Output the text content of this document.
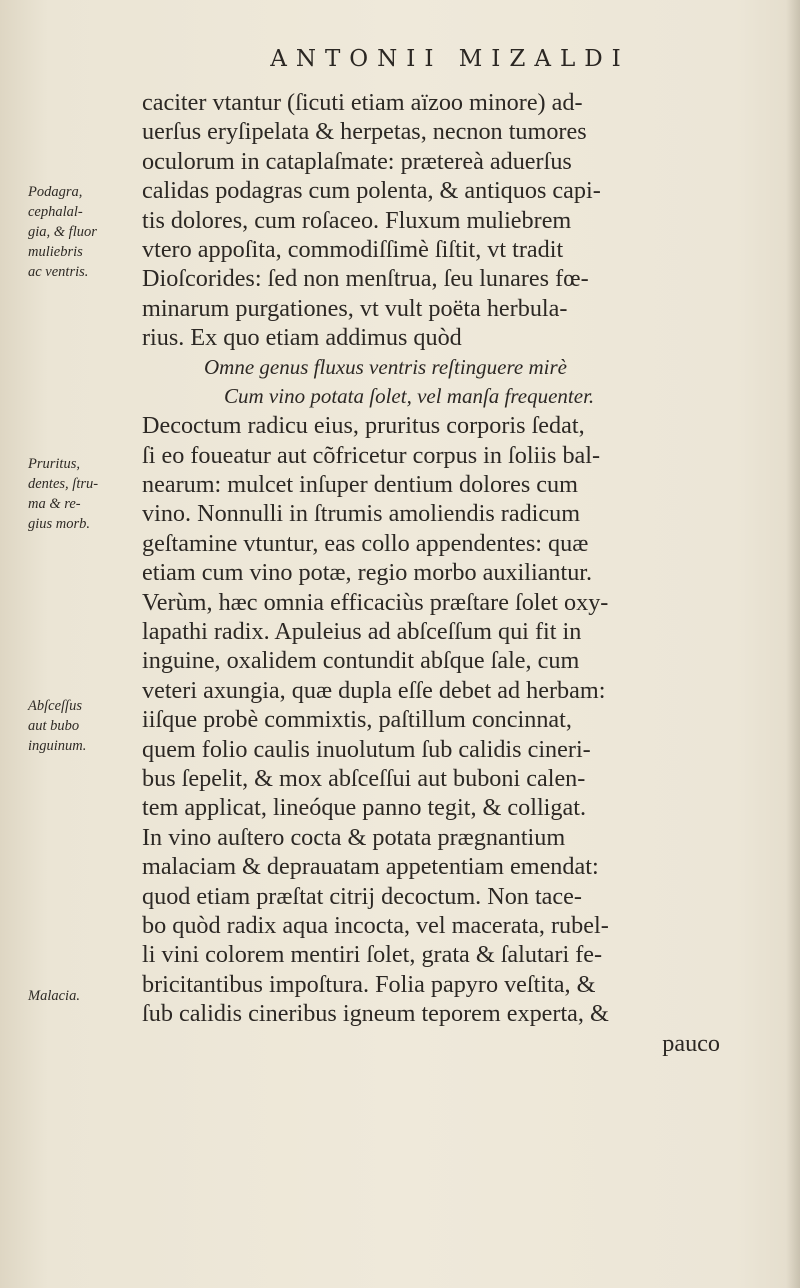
ANTONII MIZALDI
caciter vtantur (ſicuti etiam aïzoo minore) ad-
uerſus eryſipelata & herpetas, necnon tumores
oculorum in cataplaſmate: prætereà aduerſus
calidas podagras cum polenta, & antiquos capi-
tis dolores, cum roſaceo. Fluxum muliebrem
vtero appoſita, commodiſſimè ſiſtit, vt tradit
Dioſcorides: ſed non menſtrua, ſeu lunares fœ-
minarum purgationes, vt vult poëta herbula-
rius. Ex quo etiam addimus quòd
Omne genus fluxus ventris reſtinguere mirè
Cum vino potata ſolet, vel manſa frequenter.
Decoctum radicu eius, pruritus corporis ſedat,
ſi eo foueatur aut cõfricetur corpus in ſoliis bal-
nearum: mulcet inſuper dentium dolores cum
vino. Nonnulli in ſtrumis amoliendis radicum
geſtamine vtuntur, eas collo appendentes: quæ
etiam cum vino potæ, regio morbo auxiliantur.
Verùm, hæc omnia efficaciùs præſtare ſolet oxy-
lapathi radix. Apuleius ad abſceſſum qui fit in
inguine, oxalidem contundit abſque ſale, cum
veteri axungia, quæ dupla eſſe debet ad herbam:
iiſque probè commixtis, paſtillum concinnat,
quem folio caulis inuolutum ſub calidis cineri-
bus ſepelit, & mox abſceſſui aut buboni calen-
tem applicat, lineóque panno tegit, & colligat.
In vino auſtero cocta & potata prægnantium
malaciam & deprauatam appetentiam emendat:
quod etiam præſtat citrij decoctum. Non tace-
bo quòd radix aqua incocta, vel macerata, rubel-
li vini colorem mentiri ſolet, grata & ſalutari fe-
bricitantibus impoſtura. Folia papyro veſtita, &
ſub calidis cineribus igneum teporem experta, &
pauco
Podagra,
cephalal-
gia, & fluor
muliebris
ac ventris.
Pruritus,
dentes, ſtru-
ma & re-
gius morb.
Abſceſſus
aut bubo
inguinum.
Malacia.
